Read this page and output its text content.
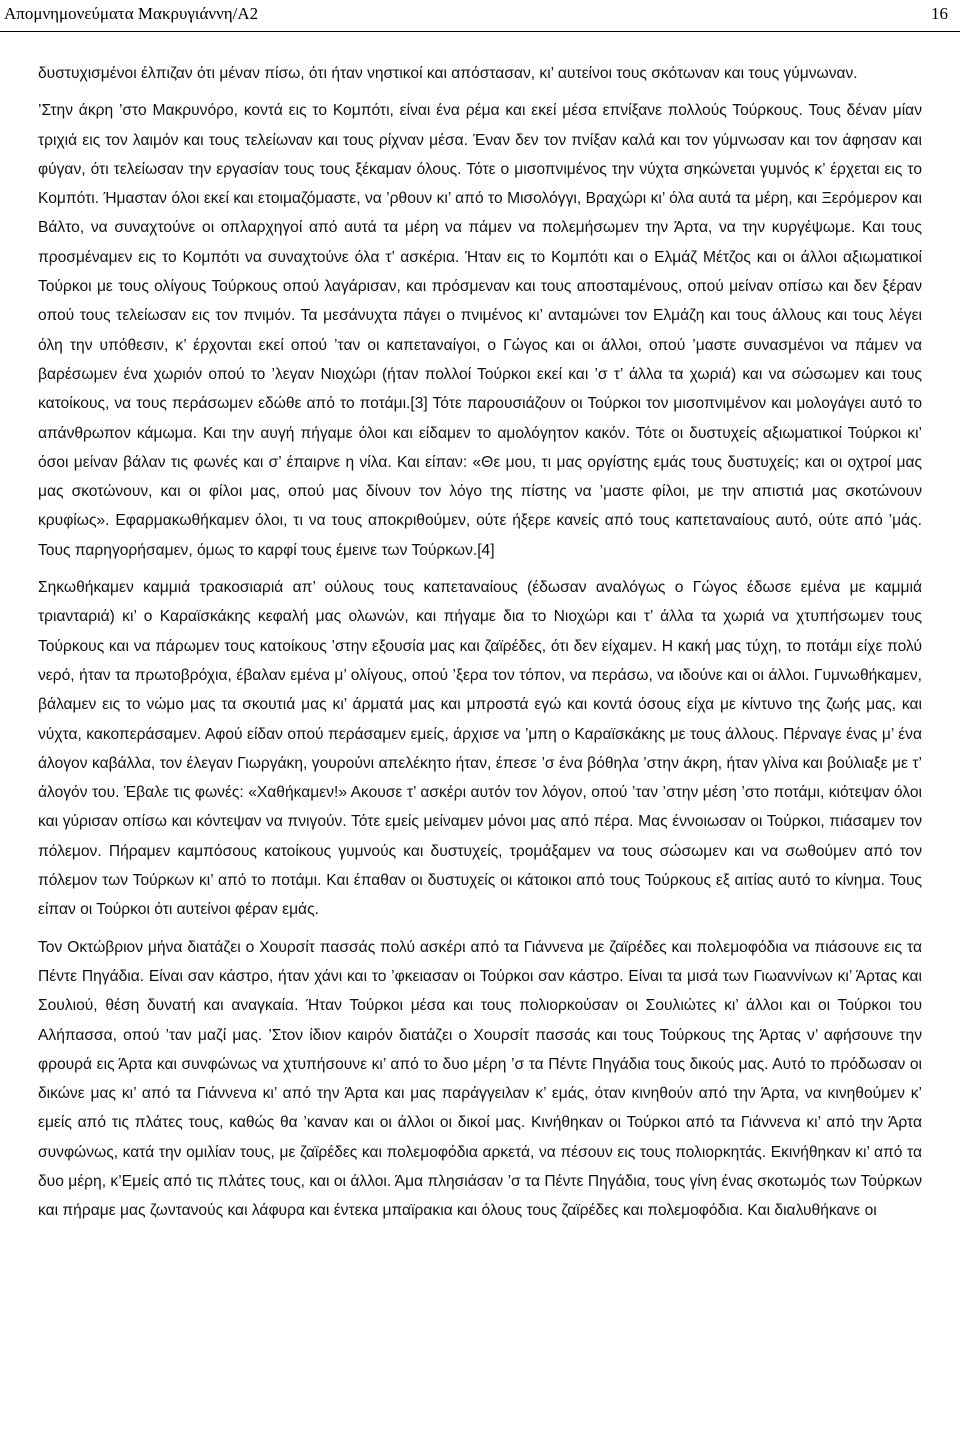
Απομνημονεύματα Μακρυγιάννη/Α2	16

δυστυχισμένοι έλπιζαν ότι μέναν πίσω, ότι ήταν νηστικοί και απόστασαν, κι’ αυτείνοι τους σκότωναν και τους γύμνωναν.

’Στην άκρη ’στο Μακρυνόρο, κοντά εις το Κομπότι, είναι ένα ρέμα και εκεί μέσα επνίξανε πολλούς Τούρκους. Τους δέναν μίαν τριχιά εις τον λαιμόν και τους τελείωναν και τους ρίχναν μέσα. Έναν δεν τον πνίξαν καλά και τον γύμνωσαν και τον άφησαν και φύγαν, ότι τελείωσαν την εργασίαν τους τους ξέκαμαν όλους. Τότε ο μισοπνιμένος την νύχτα σηκώνεται γυμνός κ’ έρχεται εις το Κομπότι. Ήμασταν όλοι εκεί και ετοιμαζόμαστε, να ’ρθουν κι’ από το Μισολόγγι, Βραχώρι κι’ όλα αυτά τα μέρη, και Ξερόμερον και Βάλτο, να συναχτούνε οι οπλαρχηγοί από αυτά τα μέρη να πάμεν να πολεμήσωμεν την Άρτα, να την κυργέψωμε. Και τους προσμέναμεν εις το Κομπότι να συναχτούνε όλα τ’ ασκέρια. Ήταν εις το Κομπότι και ο Ελμάζ Μέτζος και οι άλλοι αξιωματικοί Τούρκοι με τους ολίγους Τούρκους οπού λαγάρισαν, και πρόσμεναν και τους αποσταμένους, οπού μείναν οπίσω και δεν ξέραν οπού τους τελείωσαν εις τον πνιμόν. Τα μεσάνυχτα πάγει ο πνιμένος κι’ ανταμώνει τον Ελμάζη και τους άλλους και τους λέγει όλη την υπόθεσιν, κ’ έρχονται εκεί οπού ’ταν οι καπεταναίγοι, ο Γώγος και οι άλλοι, οπού ’μαστε συνασμένοι να πάμεν να βαρέσωμεν ένα χωριόν οπού το ’λεγαν Νιοχώρι (ήταν πολλοί Τούρκοι εκεί και ’σ τ’ άλλα τα χωριά) και να σώσωμεν και τους κατοίκους, να τους περάσωμεν εδώθε από το ποτάμι.[3] Τότε παρουσιάζουν οι Τούρκοι τον μισοπνιμένον και μολογάγει αυτό το απάνθρωπον κάμωμα. Και την αυγή πήγαμε όλοι και είδαμεν το αμολόγητον κακόν. Τότε οι δυστυχείς αξιωματικοί Τούρκοι κι’ όσοι μείναν βάλαν τις φωνές και σ’ έπαιρνε η νίλα. Και είπαν: «Θε μου, τι μας οργίστης εμάς τους δυστυχείς; και οι οχτροί μας μας σκοτώνουν, και οι φίλοι μας, οπού μας δίνουν τον λόγο της πίστης να ’μαστε φίλοι, με την απιστιά μας σκοτώνουν κρυφίως». Εφαρμακωθήκαμεν όλοι, τι να τους αποκριθούμεν, ούτε ήξερε κανείς από τους καπεταναίους αυτό, ούτε από ’μάς. Τους παρηγορήσαμεν, όμως το καρφί τους έμεινε των Τούρκων.[4]

Σηκωθήκαμεν καμμιά τρακοσιαριά απ’ ούλους τους καπεταναίους (έδωσαν αναλόγως ο Γώγος έδωσε εμένα με καμμιά τριανταριά) κι’ ο Καραϊσκάκης κεφαλή μας ολωνών, και πήγαμε δια το Νιοχώρι και τ’ άλλα τα χωριά να χτυπήσωμεν τους Τούρκους και να πάρωμεν τους κατοίκους ’στην εξουσία μας και ζαϊρέδες, ότι δεν είχαμεν. Η κακή μας τύχη, το ποτάμι είχε πολύ νερό, ήταν τα πρωτοβρόχια, έβαλαν εμένα μ’ ολίγους, οπού ’ξερα τον τόπον, να περάσω, να ιδούνε και οι άλλοι. Γυμνωθήκαμεν, βάλαμεν εις το νώμο μας τα σκουτιά μας κι’ άρματά μας και μπροστά εγώ και κοντά όσους είχα με κίντυνο της ζωής μας, και νύχτα, κακοπεράσαμεν. Αφού είδαν οπού περάσαμεν εμείς, άρχισε να ’μπη ο Καραϊσκάκης με τους άλλους. Πέρναγε ένας μ’ ένα άλογον καβάλλα, τον έλεγαν Γιωργάκη, γουρούνι απελέκητο ήταν, έπεσε ’σ ένα βόθηλα ’στην άκρη, ήταν γλίνα και βούλιαξε με τ’ άλογόν του. Έβαλε τις φωνές: «Χαθήκαμεν!» Ακουσε τ’ ασκέρι αυτόν τον λόγον, οπού ’ταν ’στην μέση ’στο ποτάμι, κιότεψαν όλοι και γύρισαν οπίσω και κόντεψαν να πνιγούν. Τότε εμείς μείναμεν μόνοι μας από πέρα. Μας έννοιωσαν οι Τούρκοι, πιάσαμεν τον πόλεμον. Πήραμεν καμπόσους κατοίκους γυμνούς και δυστυχείς, τρομάξαμεν να τους σώσωμεν και να σωθούμεν από τον πόλεμον των Τούρκων κι’ από το ποτάμι. Και έπαθαν οι δυστυχείς οι κάτοικοι από τους Τούρκους εξ αιτίας αυτό το κίνημα. Τους είπαν οι Τούρκοι ότι αυτείνοι φέραν εμάς.

Τον Οκτώβριον μήνα διατάζει ο Χουρσίτ πασσάς πολύ ασκέρι από τα Γιάννενα με ζαϊρέδες και πολεμοφόδια να πιάσουνε εις τα Πέντε Πηγάδια. Είναι σαν κάστρο, ήταν χάνι και το ’φκειασαν οι Τούρκοι σαν κάστρο. Είναι τα μισά των Γιωαννίνων κι’ Άρτας και Σουλιού, θέση δυνατή και αναγκαία. Ήταν Τούρκοι μέσα και τους πολιορκούσαν οι Σουλιώτες κι’ άλλοι και οι Τούρκοι του Αλήπασσα, οπού ’ταν μαζί μας. ’Στον ίδιον καιρόν διατάζει ο Χουρσίτ πασσάς και τους Τούρκους της Άρτας ν’ αφήσουνε την φρουρά εις Άρτα και συνφώνως να χτυπήσουνε κι’ από το δυο μέρη ’σ τα Πέντε Πηγάδια τους δικούς μας. Αυτό το πρόδωσαν οι δικώνε μας κι’ από τα Γιάννενα κι’ από την Άρτα και μας παράγγειλαν κ’ εμάς, όταν κινηθούν από την Άρτα, να κινηθούμεν κ’ εμείς από τις πλάτες τους, καθώς θα ’καναν και οι άλλοι οι δικοί μας. Κινήθηκαν οι Τούρκοι από τα Γιάννενα κι’ από την Άρτα συνφώνως, κατά την ομιλίαν τους, με ζαϊρέδες και πολεμοφόδια αρκετά, να πέσουν εις τους πολιορκητάς. Εκινήθηκαν κι’ από τα δυο μέρη, κ’Εμείς από τις πλάτες τους, και οι άλλοι. Άμα πλησιάσαν ’σ τα Πέντε Πηγάδια, τους γίνη ένας σκοτωμός των Τούρκων και πήραμε μας ζωντανούς και λάφυρα και έντεκα μπαϊρακια και όλους τους ζαϊρέδες και πολεμοφόδια. Και διαλυθήκανε οι
